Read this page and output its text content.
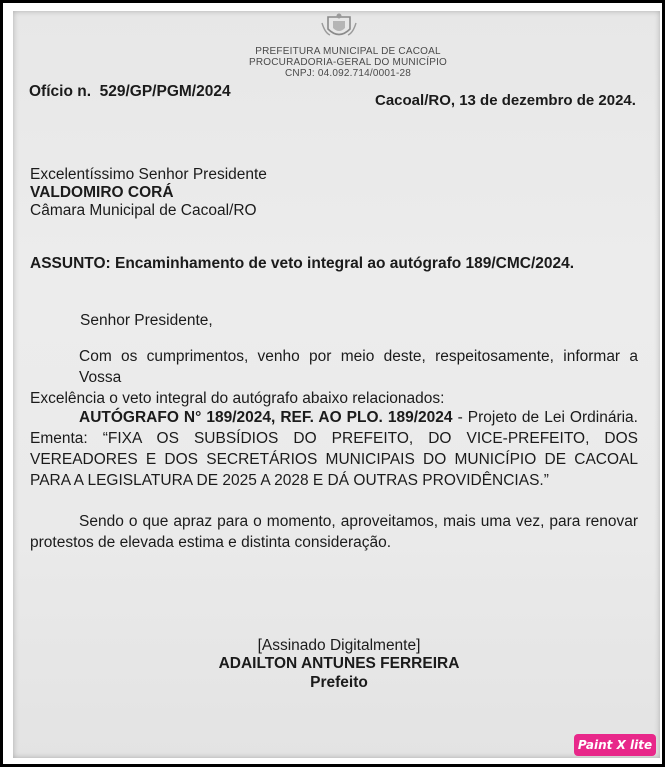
PREFEITURA MUNICIPAL DE CACOAL
PROCURADORIA-GERAL DO MUNICÍPIO
CNPJ: 04.092.714/0001-28
Ofício n. 529/GP/PGM/2024
Cacoal/RO, 13 de dezembro de 2024.
Excelentíssimo Senhor Presidente
VALDOMIRO CORÁ
Câmara Municipal de Cacoal/RO
ASSUNTO: Encaminhamento de veto integral ao autógrafo 189/CMC/2024.
Senhor Presidente,
Com os cumprimentos, venho por meio deste, respeitosamente, informar a Vossa
Excelência o veto integral do autógrafo abaixo relacionados:
AUTÓGRAFO N° 189/2024, REF. AO PLO. 189/2024 - Projeto de Lei Ordinária.
Ementa: “FIXA OS SUBSÍDIOS DO PREFEITO, DO VICE-PREFEITO, DOS
VEREADORES E DOS SECRETÁRIOS MUNICIPAIS DO MUNICÍPIO DE CACOAL
PARA A LEGISLATURA DE 2025 A 2028 E DÁ OUTRAS PROVIDÊNCIAS.”
Sendo o que apraz para o momento, aproveitamos, mais uma vez, para renovar
protestos de elevada estima e distinta consideração.
[Assinado Digitalmente]
ADAILTON ANTUNES FERREIRA
Prefeito
Paint X lite
